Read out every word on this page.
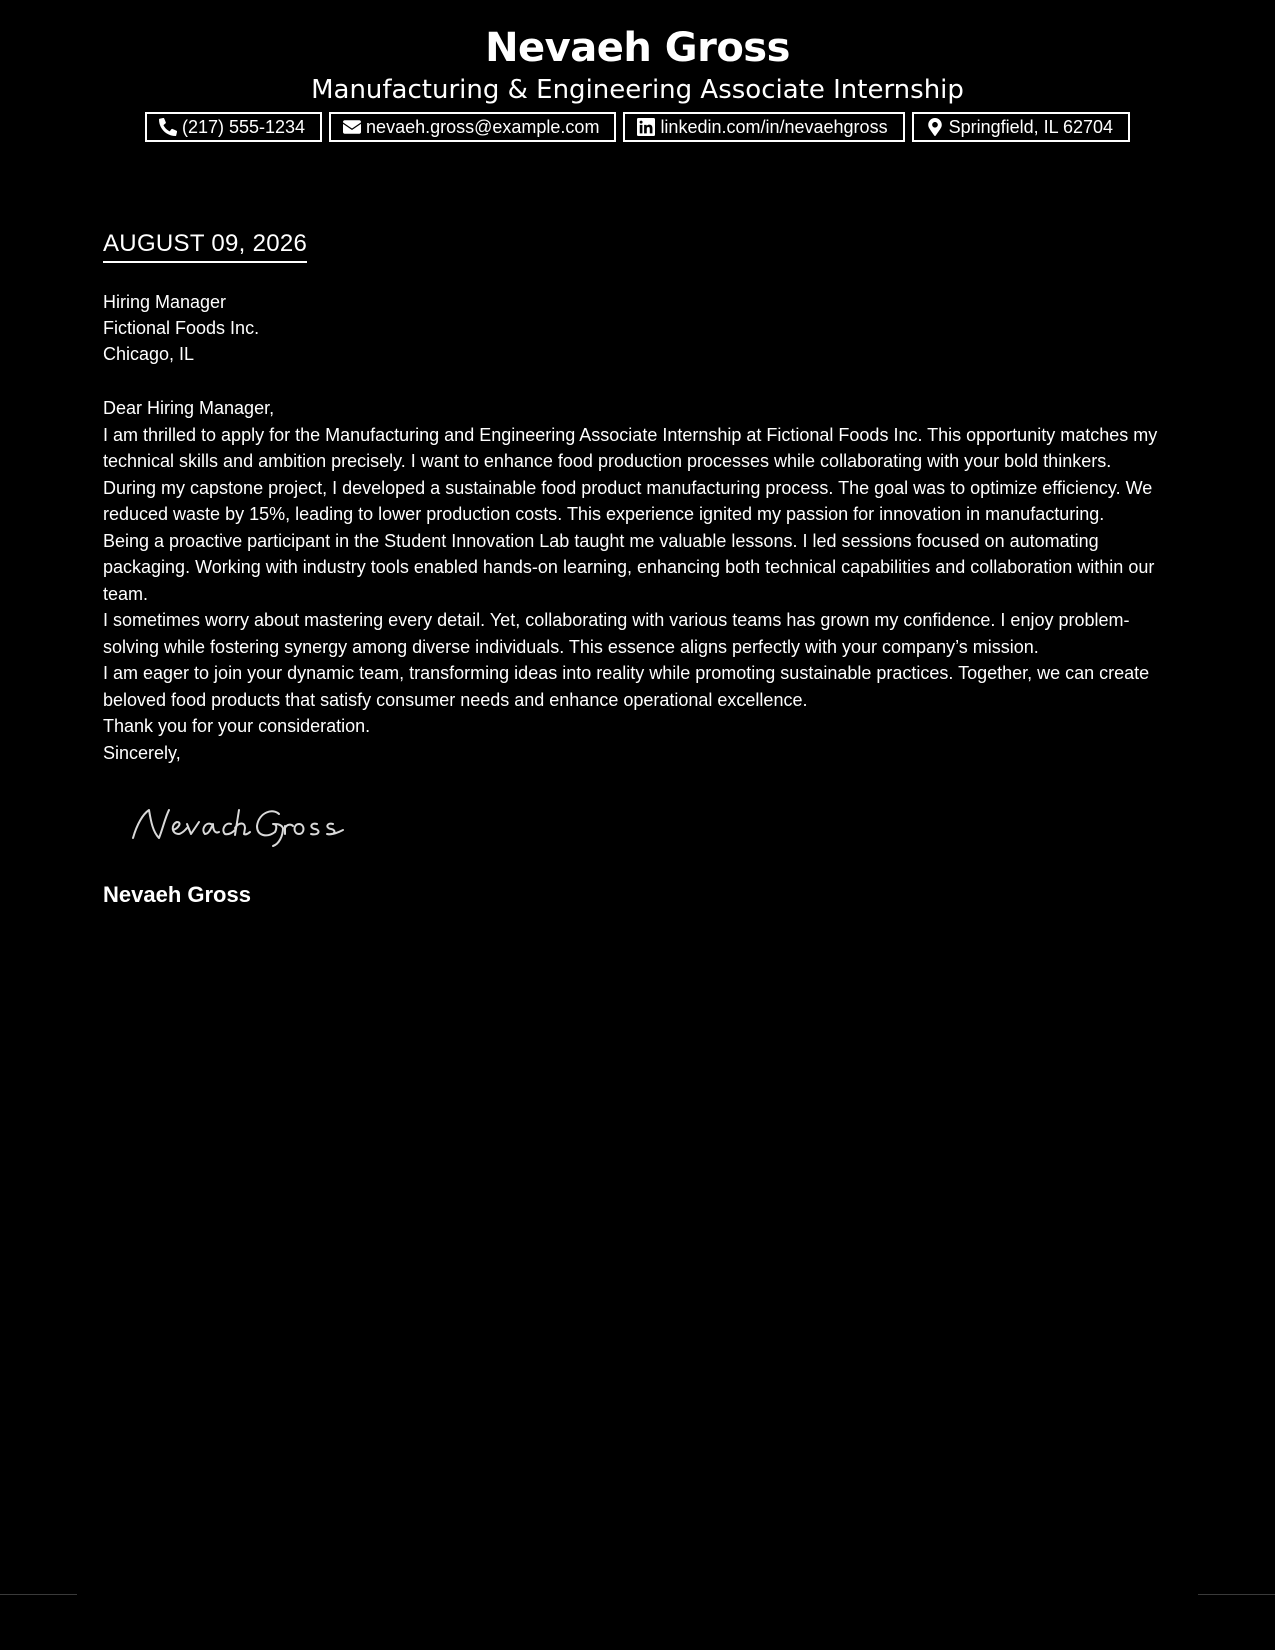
Nevaeh Gross
Manufacturing & Engineering Associate Internship
(217) 555-1234	nevaeh.gross@example.com	linkedin.com/in/nevaehgross	Springfield, IL 62704
AUGUST 09, 2026
Hiring Manager
Fictional Foods Inc.
Chicago, IL

Dear Hiring Manager,

I am thrilled to apply for the Manufacturing and Engineering Associate Internship at Fictional Foods Inc. This opportunity matches my technical skills and ambition precisely. I want to enhance food production processes while collaborating with your bold thinkers.

During my capstone project, I developed a sustainable food product manufacturing process. The goal was to optimize efficiency. We reduced waste by 15%, leading to lower production costs. This experience ignited my passion for innovation in manufacturing.

Being a proactive participant in the Student Innovation Lab taught me valuable lessons. I led sessions focused on automating packaging. Working with industry tools enabled hands-on learning, enhancing both technical capabilities and collaboration within our team.

I sometimes worry about mastering every detail. Yet, collaborating with various teams has grown my confidence. I enjoy problem-solving while fostering synergy among diverse individuals. This essence aligns perfectly with your company’s mission.

I am eager to join your dynamic team, transforming ideas into reality while promoting sustainable practices. Together, we can create beloved food products that satisfy consumer needs and enhance operational excellence.

Thank you for your consideration.

Sincerely,

Nevaeh Gross
